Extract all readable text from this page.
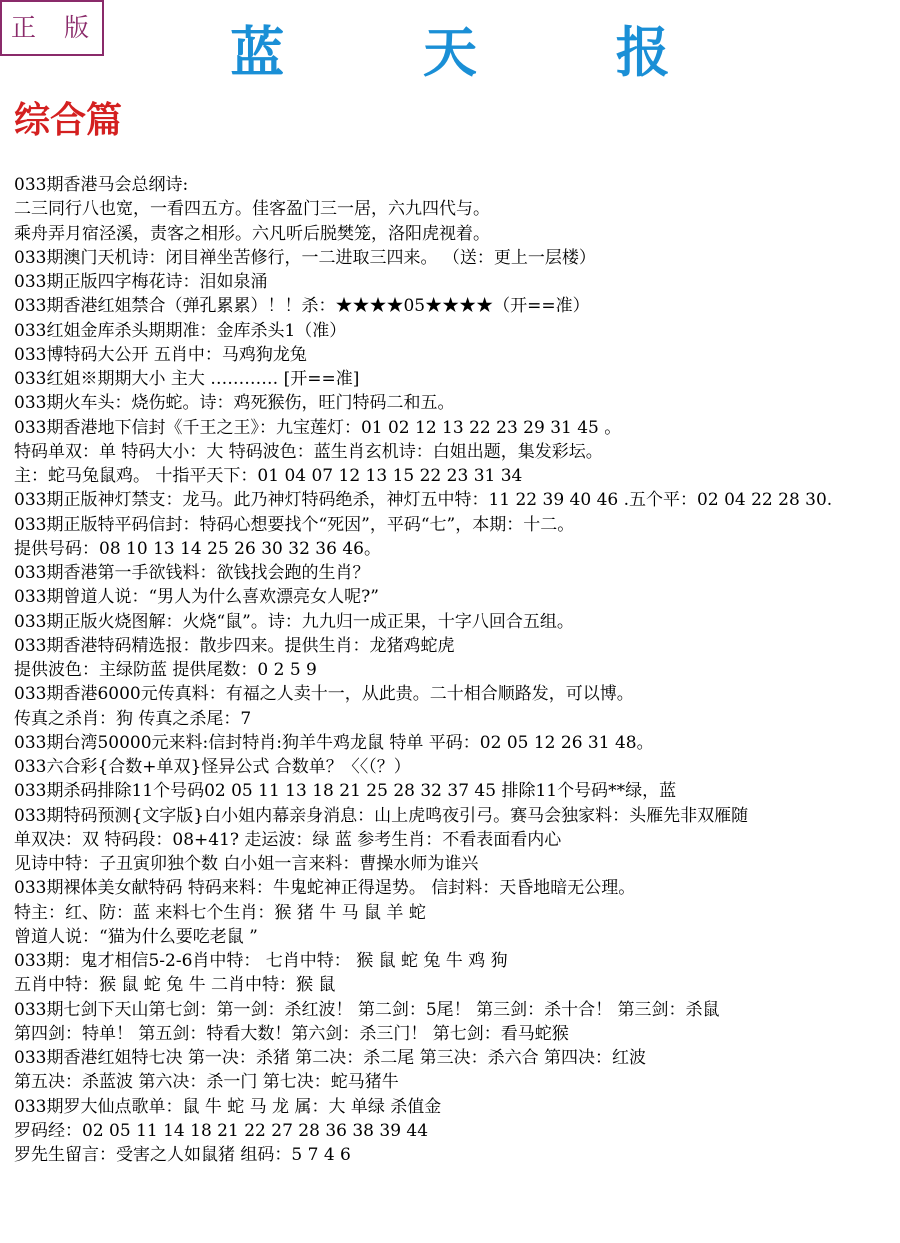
正 版	蓝 天 报
综合篇
033期香港马会总纲诗:
二三同行八也宽，一看四五方。佳客盈门三一居，六九四代与。
乘舟弄月宿泾溪，责客之相形。六凡听后脱樊笼，洛阳虎视着。
033期澳门天机诗：闭目禅坐苦修行，一二进取三四来。 （送：更上一层楼）
033期正版四字梅花诗：泪如泉涌
033期香港红姐禁合（弹孔累累）！！杀：★★★★05★★★★（开==准）
033红姐金库杀头期期准：金库杀头1（准）
033博特码大公开 五肖中：马鸡狗龙兔
033红姐※期期大小 主大 ………… [开==准]
033期火车头：烧伤蛇。诗：鸡死猴伤，旺门特码二和五。
033期香港地下信封《千王之王》：九宝莲灯：01 02 12 13 22 23 29 31 45 。
特码单双：单 特码大小：大 特码波色：蓝生肖玄机诗：白姐出题，集发彩坛。
主：蛇马兔鼠鸡。 十指平天下：01 04 07 12 13 15 22 23 31 34
033期正版神灯禁支：龙马。此乃神灯特码绝杀，神灯五中特：11 22 39 40 46 .五个平：02 04 22 28 30.
033期正版特平码信封：特码心想要找个“死因”，平码“七”，本期：十二。
提供号码：08 10 13 14 25 26 30 32 36 46。
033期香港第一手欲钱料：欲钱找会跑的生肖？
033期曾道人说：“男人为什么喜欢漂亮女人呢?”
033期正版火烧图解：火烧“鼠”。诗：九九归一成正果，十字八回合五组。
033期香港特码精选报：散步四来。提供生肖：龙猪鸡蛇虎
提供波色：主绿防蓝 提供尾数：0 2 5 9
033期香港6000元传真料：有福之人卖十一，从此贵。二十相合顺路发，可以博。
传真之杀肖：狗 传真之杀尾：7
033期台湾50000元来料:信封特肖:狗羊牛鸡龙鼠 特单 平码：02 05 12 26 31 48。
033六合彩{合数+单双}怪异公式 合数单？〈〈（？）
033期杀码排除11个号码02 05 11 13 18 21 25 28 32 37 45 排除11个号码**绿，蓝
033期特码预测{文字版}白小姐内幕亲身消息：山上虎鸣夜引弓。赛马会独家料：头雁先非双雁随
单双决：双 特码段：08+41? 走运波：绿 蓝 参考生肖：不看表面看内心
见诗中特：子丑寅卯独个数 白小姐一言来料：曹操水师为谁兴
033期裸体美女献特码 特码来料：牛鬼蛇神正得逞势。 信封料：天昏地暗无公理。
特主：红、防：蓝 来料七个生肖：猴 猪 牛 马 鼠 羊 蛇
曾道人说：“猫为什么要吃老鼠 ”
033期：鬼才相信5-2-6肖中特： 七肖中特： 猴 鼠 蛇 兔 牛 鸡 狗
五肖中特：猴 鼠 蛇 兔 牛 二肖中特：猴 鼠
033期七剑下天山第七剑：第一剑：杀红波！ 第二剑：5尾！ 第三剑：杀十合！ 第三剑：杀鼠
第四剑：特单！ 第五剑：特看大数！第六剑：杀三门！ 第七剑：看马蛇猴
033期香港红姐特七决 第一决：杀猪 第二决：杀二尾 第三决：杀六合 第四决：红波
第五决：杀蓝波 第六决：杀一门 第七决：蛇马猪牛
033期罗大仙点歌单：鼠 牛 蛇 马 龙 属：大 单绿 杀值金
罗码经：02 05 11 14 18 21 22 27 28 36 38 39 44
罗先生留言：受害之人如鼠猪 组码：5 7 4 6
